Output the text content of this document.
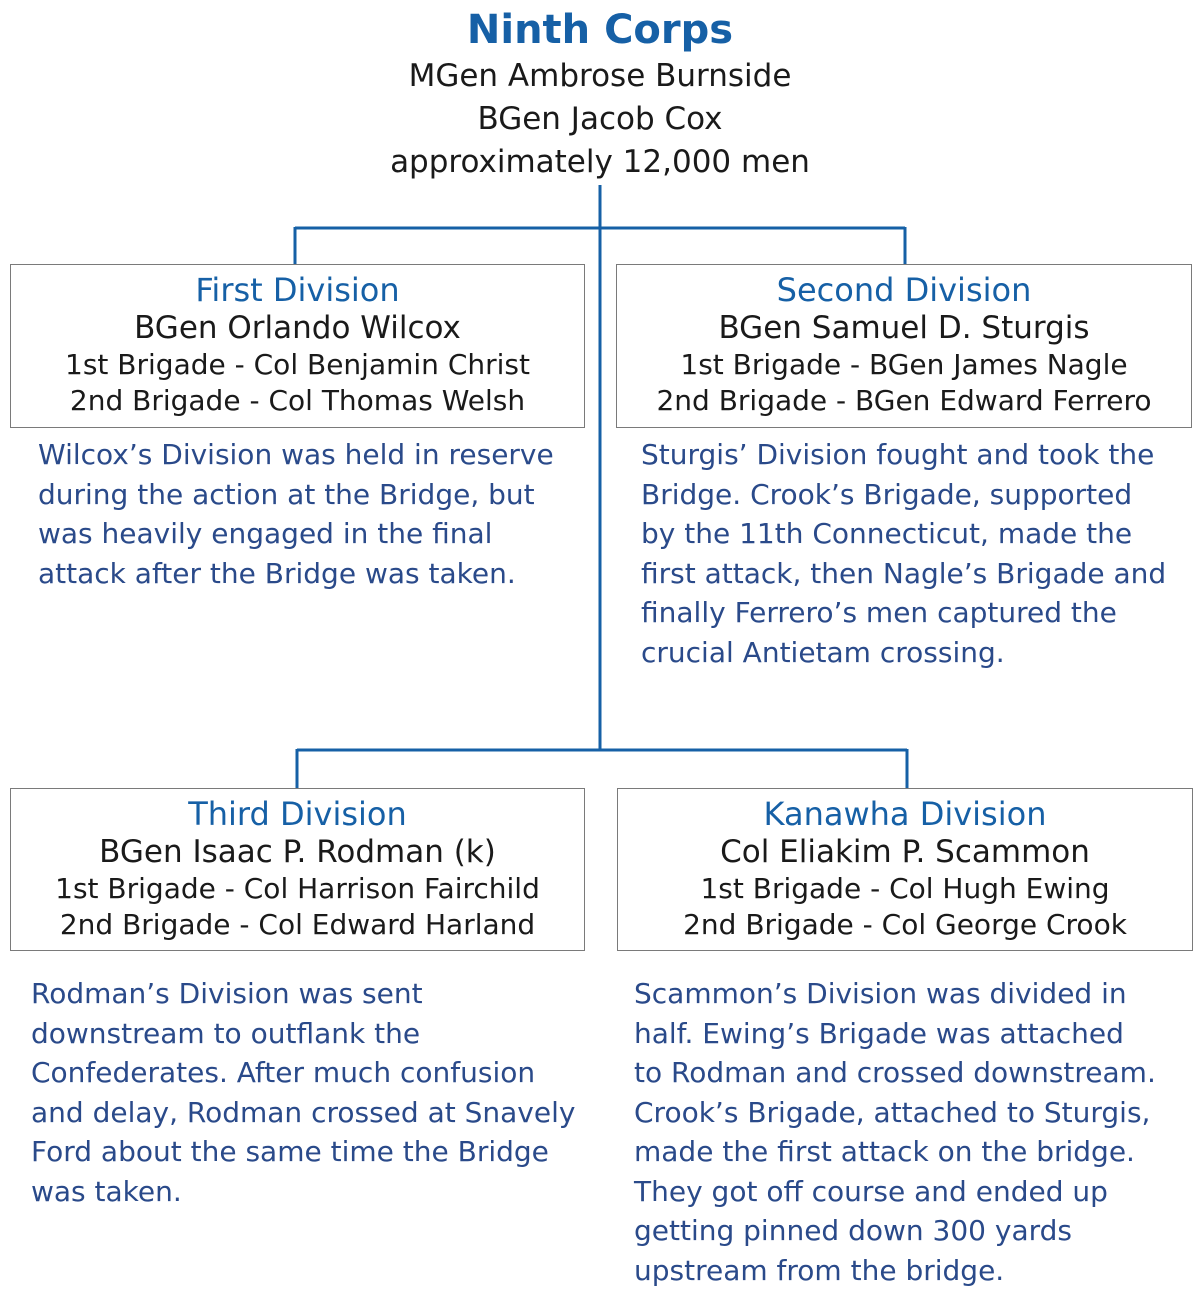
Ninth Corps
MGen Ambrose Burnside
BGen Jacob Cox
approximately 12,000 men
First Division
BGen Orlando Wilcox
1st Brigade - Col Benjamin Christ
2nd Brigade - Col Thomas Welsh
Wilcox’s Division was held in reserve
during the action at the Bridge, but
was heavily engaged in the final
attack after the Bridge was taken.
Second Division
BGen Samuel D. Sturgis
1st Brigade - BGen James Nagle
2nd Brigade - BGen Edward Ferrero
Sturgis’ Division fought and took the
Bridge. Crook’s Brigade, supported
by the 11th Connecticut, made the
first attack, then Nagle’s Brigade and
finally Ferrero’s men captured the
crucial Antietam crossing.
Third Division
BGen Isaac P. Rodman (k)
1st Brigade - Col Harrison Fairchild
2nd Brigade - Col Edward Harland
Rodman’s Division was sent
downstream to outflank the
Confederates. After much confusion
and delay, Rodman crossed at Snavely
Ford about the same time the Bridge
was taken.
Kanawha Division
Col Eliakim P. Scammon
1st Brigade - Col Hugh Ewing
2nd Brigade - Col George Crook
Scammon’s Division was divided in
half. Ewing’s Brigade was attached
to Rodman and crossed downstream.
Crook’s Brigade, attached to Sturgis,
made the first attack on the bridge.
They got off course and ended up
getting pinned down 300 yards
upstream from the bridge.
